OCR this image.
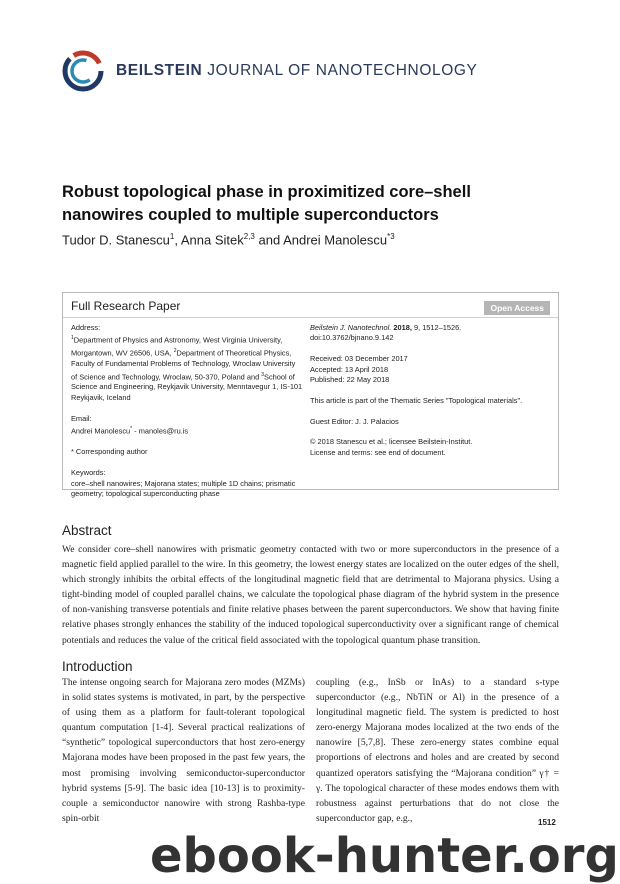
BEILSTEIN JOURNAL OF NANOTECHNOLOGY
Robust topological phase in proximitized core–shell nanowires coupled to multiple superconductors
Tudor D. Stanescu$^1$, Anna Sitek$^{2,3}$ and Andrei Manolescu$^{*3}$
Full Research Paper	Open Access

Address:

$^1$Department of Physics and Astronomy, West Virginia University, Morgantown, WV 26506, USA, $^2$Department of Theoretical Physics, Faculty of Fundamental Problems of Technology, Wroclaw University of Science and Technology, Wroclaw, 50-370, Poland and $^3$School of Science and Engineering, Reykjavik University, Menntavegur 1, IS-101 Reykjavik, Iceland

Email:

Andrei Manolescu* - manoles@ru.is

* Corresponding author

Keywords:

core–shell nanowires; Majorana states; multiple 1D chains; prismatic geometry; topological superconducting phase

Beilstein J. Nanotechnol. 2018, 9, 1512–1526.

doi:10.3762/bjnano.9.142

Received: 03 December 2017

Accepted: 13 April 2018

Published: 22 May 2018

This article is part of the Thematic Series "Topological materials".

Guest Editor: J. J. Palacios

© 2018 Stanescu et al.; licensee Beilstein-Institut.

License and terms: see end of document.

Abstract
We consider core–shell nanowires with prismatic geometry contacted with two or more superconductors in the presence of a magnetic field applied parallel to the wire. In this geometry, the lowest energy states are localized on the outer edges of the shell, which strongly inhibits the orbital effects of the longitudinal magnetic field that are detrimental to Majorana physics. Using a tight-binding model of coupled parallel chains, we calculate the topological phase diagram of the hybrid system in the presence of non-vanishing transverse potentials and finite relative phases between the parent superconductors. We show that having finite relative phases strongly enhances the stability of the induced topological superconductivity over a significant range of chemical potentials and reduces the value of the critical field associated with the topological quantum phase transition.
Introduction
The intense ongoing search for Majorana zero modes (MZMs) in solid states systems is motivated, in part, by the perspective of using them as a platform for fault-tolerant topological quantum computation [1-4]. Several practical realizations of “synthetic” topological superconductors that host zero-energy Majorana modes have been proposed in the past few years, the most promising involving semiconductor-superconductor hybrid systems [5-9]. The basic idea [10-13] is to proximity-couple a semiconductor nanowire with strong Rashba-type spin-orbit
coupling (e.g., InSb or InAs) to a standard s-type superconductor (e.g., NbTiN or Al) in the presence of a longitudinal magnetic field. The system is predicted to host zero-energy Majorana modes localized at the two ends of the nanowire [5,7,8]. These zero-energy states combine equal proportions of electrons and holes and are created by second quantized operators satisfying the “Majorana condition” γ† = γ. The topological character of these modes endows them with robustness against perturbations that do not close the superconductor gap, e.g.,	1512
ebook-hunter.org
